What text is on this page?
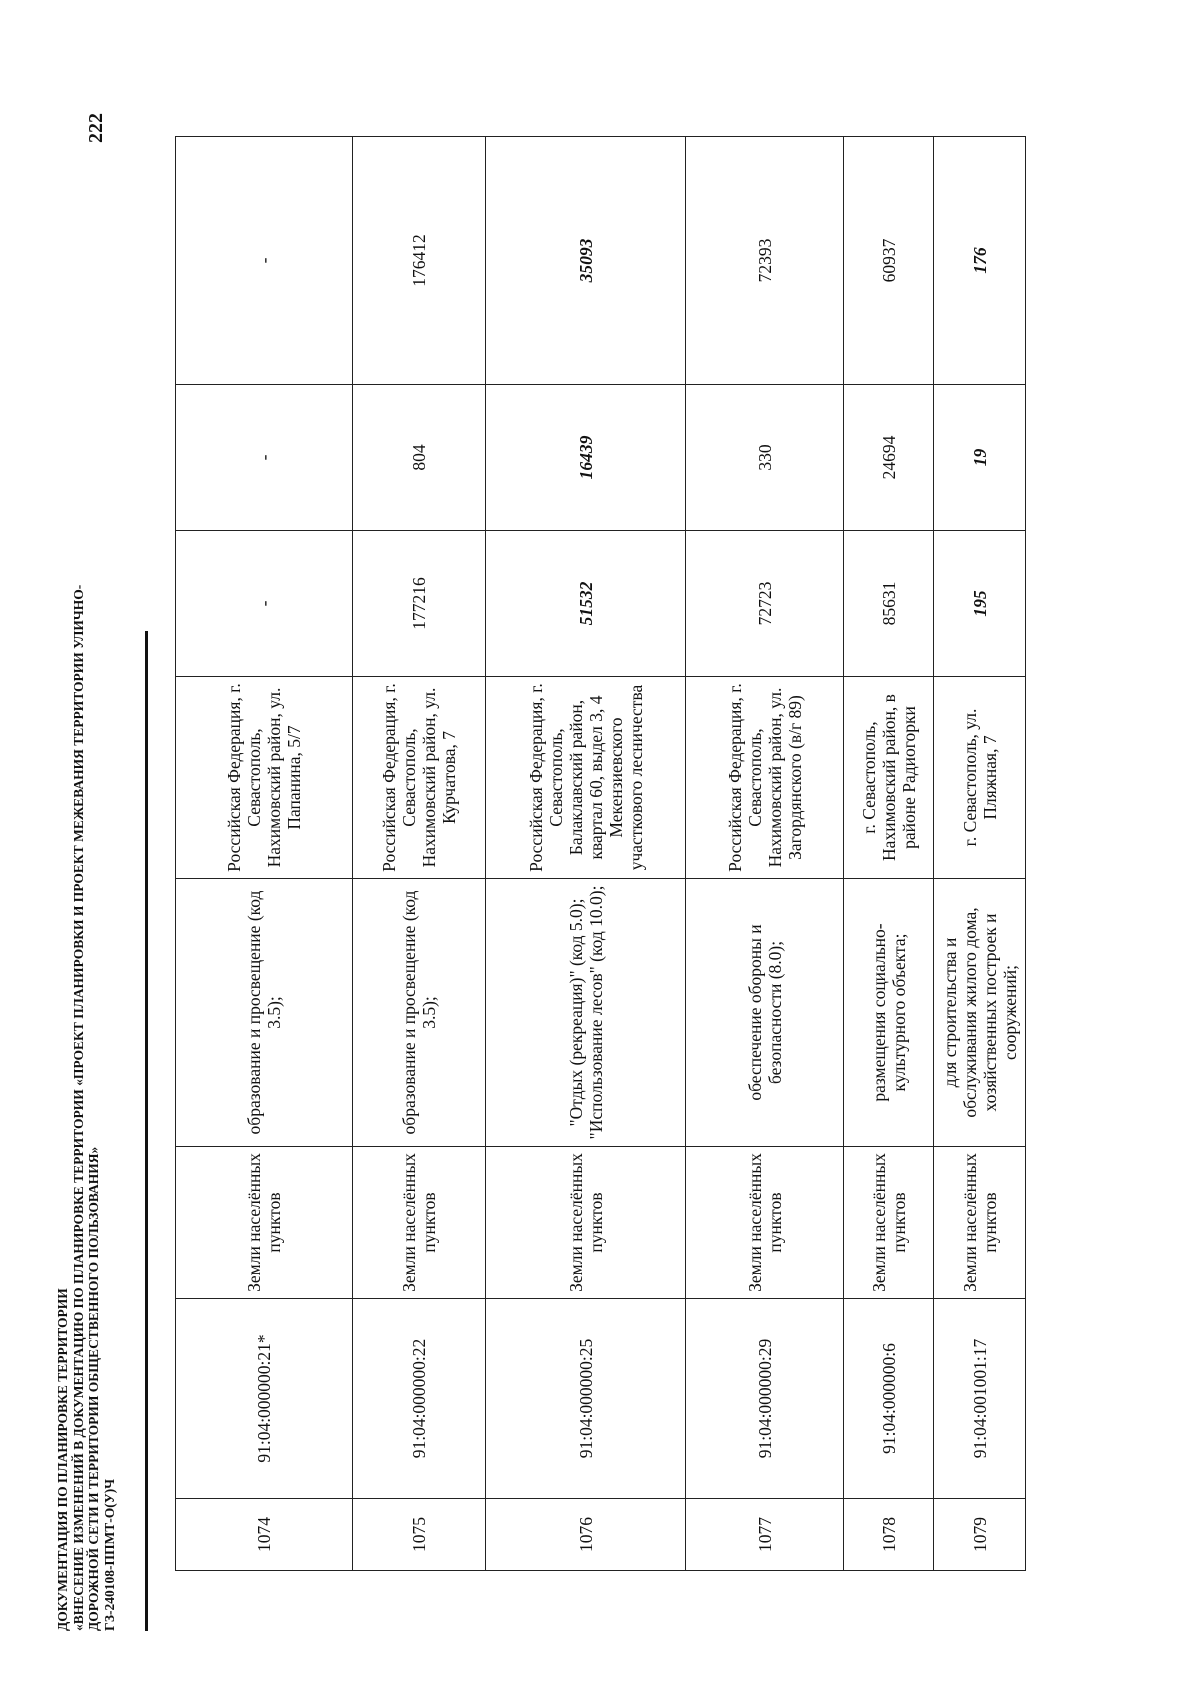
222
ДОКУМЕНТАЦИЯ ПО ПЛАНИРОВКЕ ТЕРРИТОРИИ «ВНЕСЕНИЕ ИЗМЕНЕНИЙ В ДОКУМЕНТАЦИЮ ПО ПЛАНИРОВКЕ ТЕРРИТОРИИ «ПРОЕКТ ПЛАНИРОВКИ И ПРОЕКТ МЕЖЕВАНИЯ ТЕРРИТОРИИ УЛИЧНО- ДОРОЖНОЙ СЕТИ И ТЕРРИТОРИИ ОБЩЕСТВЕННОГО ПОЛЬЗОВАНИЯ» ГЗ-240108-ППМТ-О(У)Ч	1074	91:04:000000:21*	Земли населённых пунктов	образование и просвещение (код 3.5);	Российская Федерация, г. Севастополь, Нахимовский район, ул. Папанина, 5/7	-	-	-
1075	91:04:000000:22	Земли населённых пунктов	образование и просвещение (код 3.5);	Российская Федерация, г. Севастополь, Нахимовский район, ул. Курчатова, 7	177216	804	176412
1076	91:04:000000:25	Земли населённых пунктов	"Отдых (рекреация)" (код 5.0); "Использование лесов" (код 10.0);	Российская Федерация, г. Севастополь, Балаклавский район, квартал 60, выдел 3, 4 Мекензиевского участкового лесничества	51532	16439	35093
1077	91:04:000000:29	Земли населённых пунктов	обеспечение обороны и безопасности (8.0);	Российская Федерация, г. Севастополь, Нахимовский район, ул. Загордянского (в/г 89)	72723	330	72393
1078	91:04:000000:6	Земли населённых пунктов	размещения социально-культурного объекта;	г. Севастополь, Нахимовский район, в районе Радиогорки	85631	24694	60937
1079	91:04:001001:17	Земли населённых пунктов	для строительства и обслуживания жилого дома, хозяйственных построек и сооружений;	г. Севастополь, ул. Пляжная, 7	195	19	176
